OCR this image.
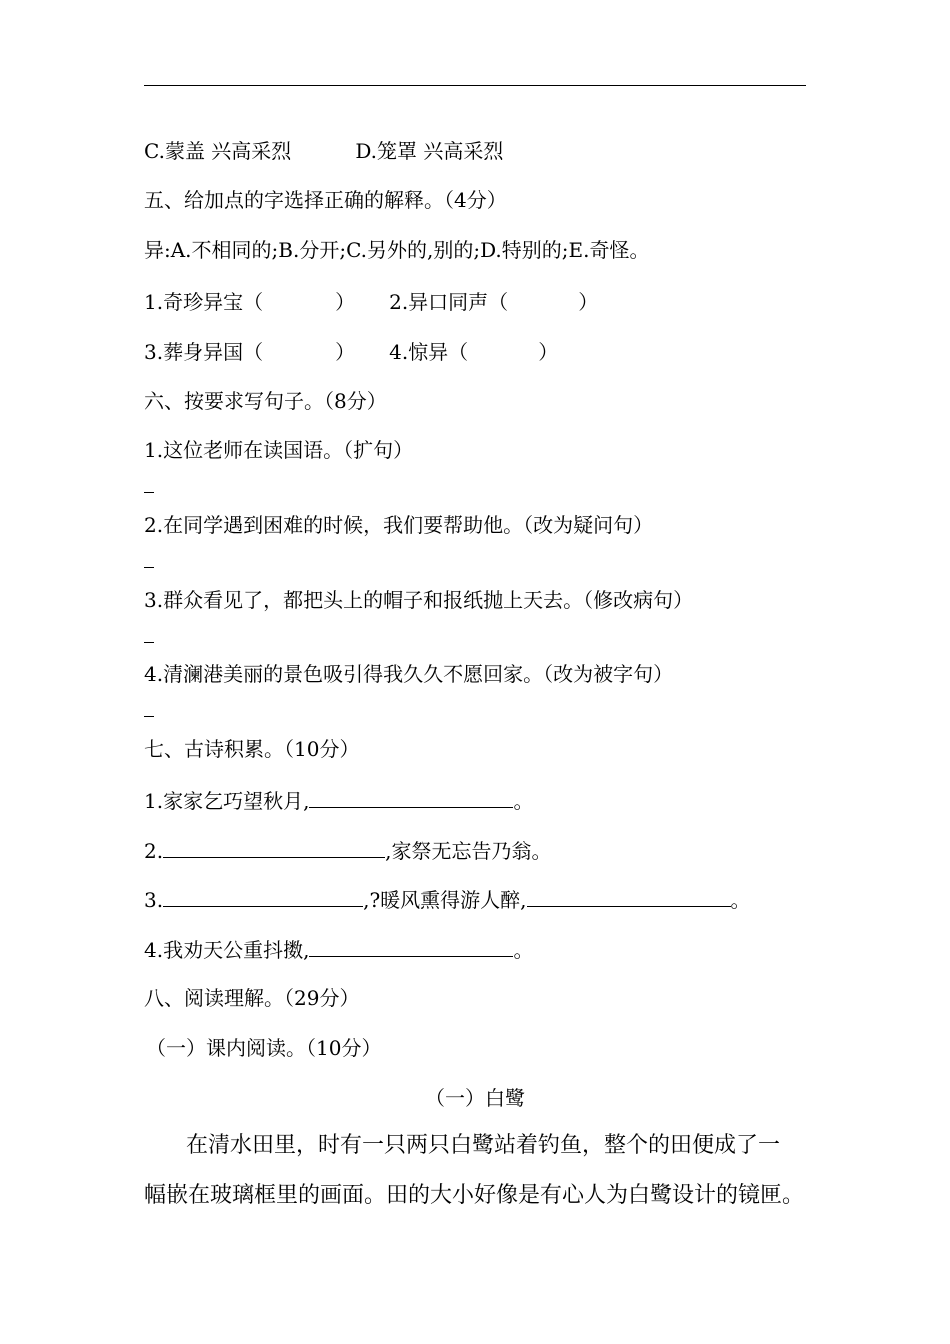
C.蒙盖 兴高采烈	D.笼罩 兴高采烈
五、给加点的字选择正确的解释。（4分）
异:A.不相同的;B.分开;C.另外的,别的;D.特别的;E.奇怪。
1.奇珍异宝（	） 2.异口同声（	）
3.葬身异国（	） 4.惊异（	）
六、按要求写句子。（8分）
1.这位老师在读国语。（扩句）
2.在同学遇到困难的时候，我们要帮助他。（改为疑问句）
3.群众看见了，都把头上的帽子和报纸抛上天去。（修改病句）
4.清澜港美丽的景色吸引得我久久不愿回家。（改为被字句）
七、古诗积累。（10分）
1.家家乞巧望秋月,	。
2.	,家祭无忘告乃翁。
3.	,?暖风熏得游人醉,	。
4.我劝天公重抖擞,	。
八、阅读理解。（29分）
（一）课内阅读。（10分）
（一）白鹭
在清水田里，时有一只两只白鹭站着钓鱼，整个的田便成了一
幅嵌在玻璃框里的画面。田的大小好像是有心人为白鹭设计的镜匣。
